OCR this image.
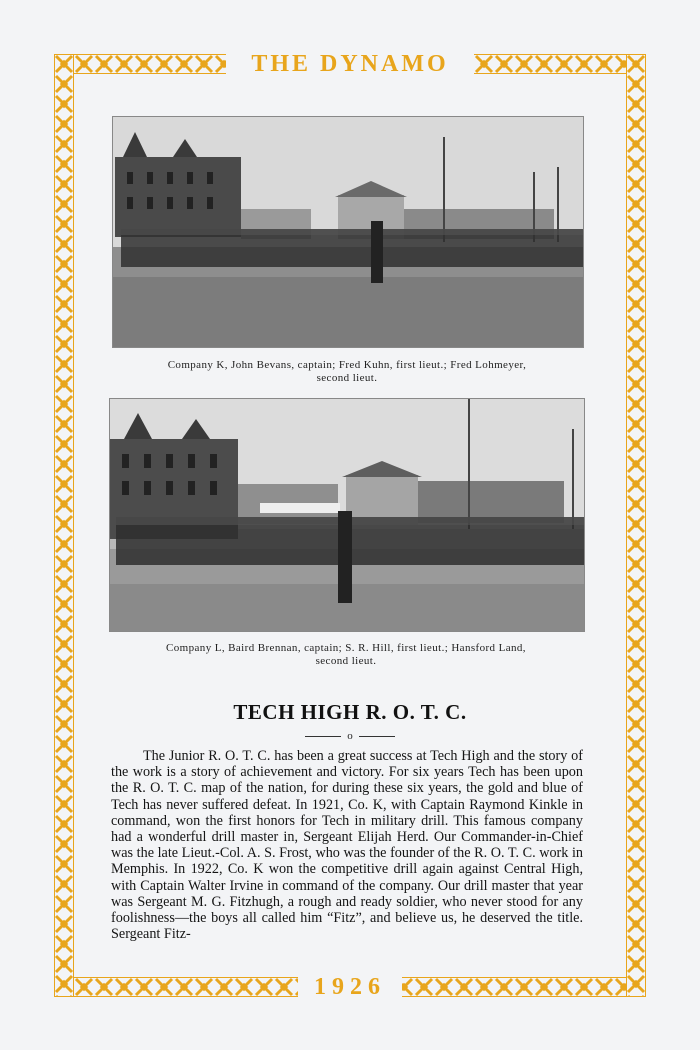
THE DYNAMO
1926
Company K, John Bevans, captain; Fred Kuhn, first lieut.; Fred Lohmeyer,
second lieut.
Company L, Baird Brennan, captain; S. R. Hill, first lieut.; Hansford Land,
second lieut.
TECH HIGH R. O. T. C.
o

The Junior R. O. T. C. has been a great success at Tech High and the story of the work is a story of achievement and victory. For six years Tech has been upon the R. O. T. C. map of the nation, for during these six years, the gold and blue of Tech has never suffered defeat. In 1921, Co. K, with Captain Raymond Kinkle in command, won the first honors for Tech in military drill. This famous company had a wonderful drill master in, Sergeant Elijah Herd. Our Commander-in-Chief was the late Lieut.-Col. A. S. Frost, who was the founder of the R. O. T. C. work in Memphis. In 1922, Co. K won the competitive drill again against Central High, with Captain Walter Irvine in command of the company. Our drill master that year was Sergeant M. G. Fitzhugh, a rough and ready soldier, who never stood for any foolishness—the boys all called him “Fitz”, and believe us, he deserved the title. Sergeant Fitz-
